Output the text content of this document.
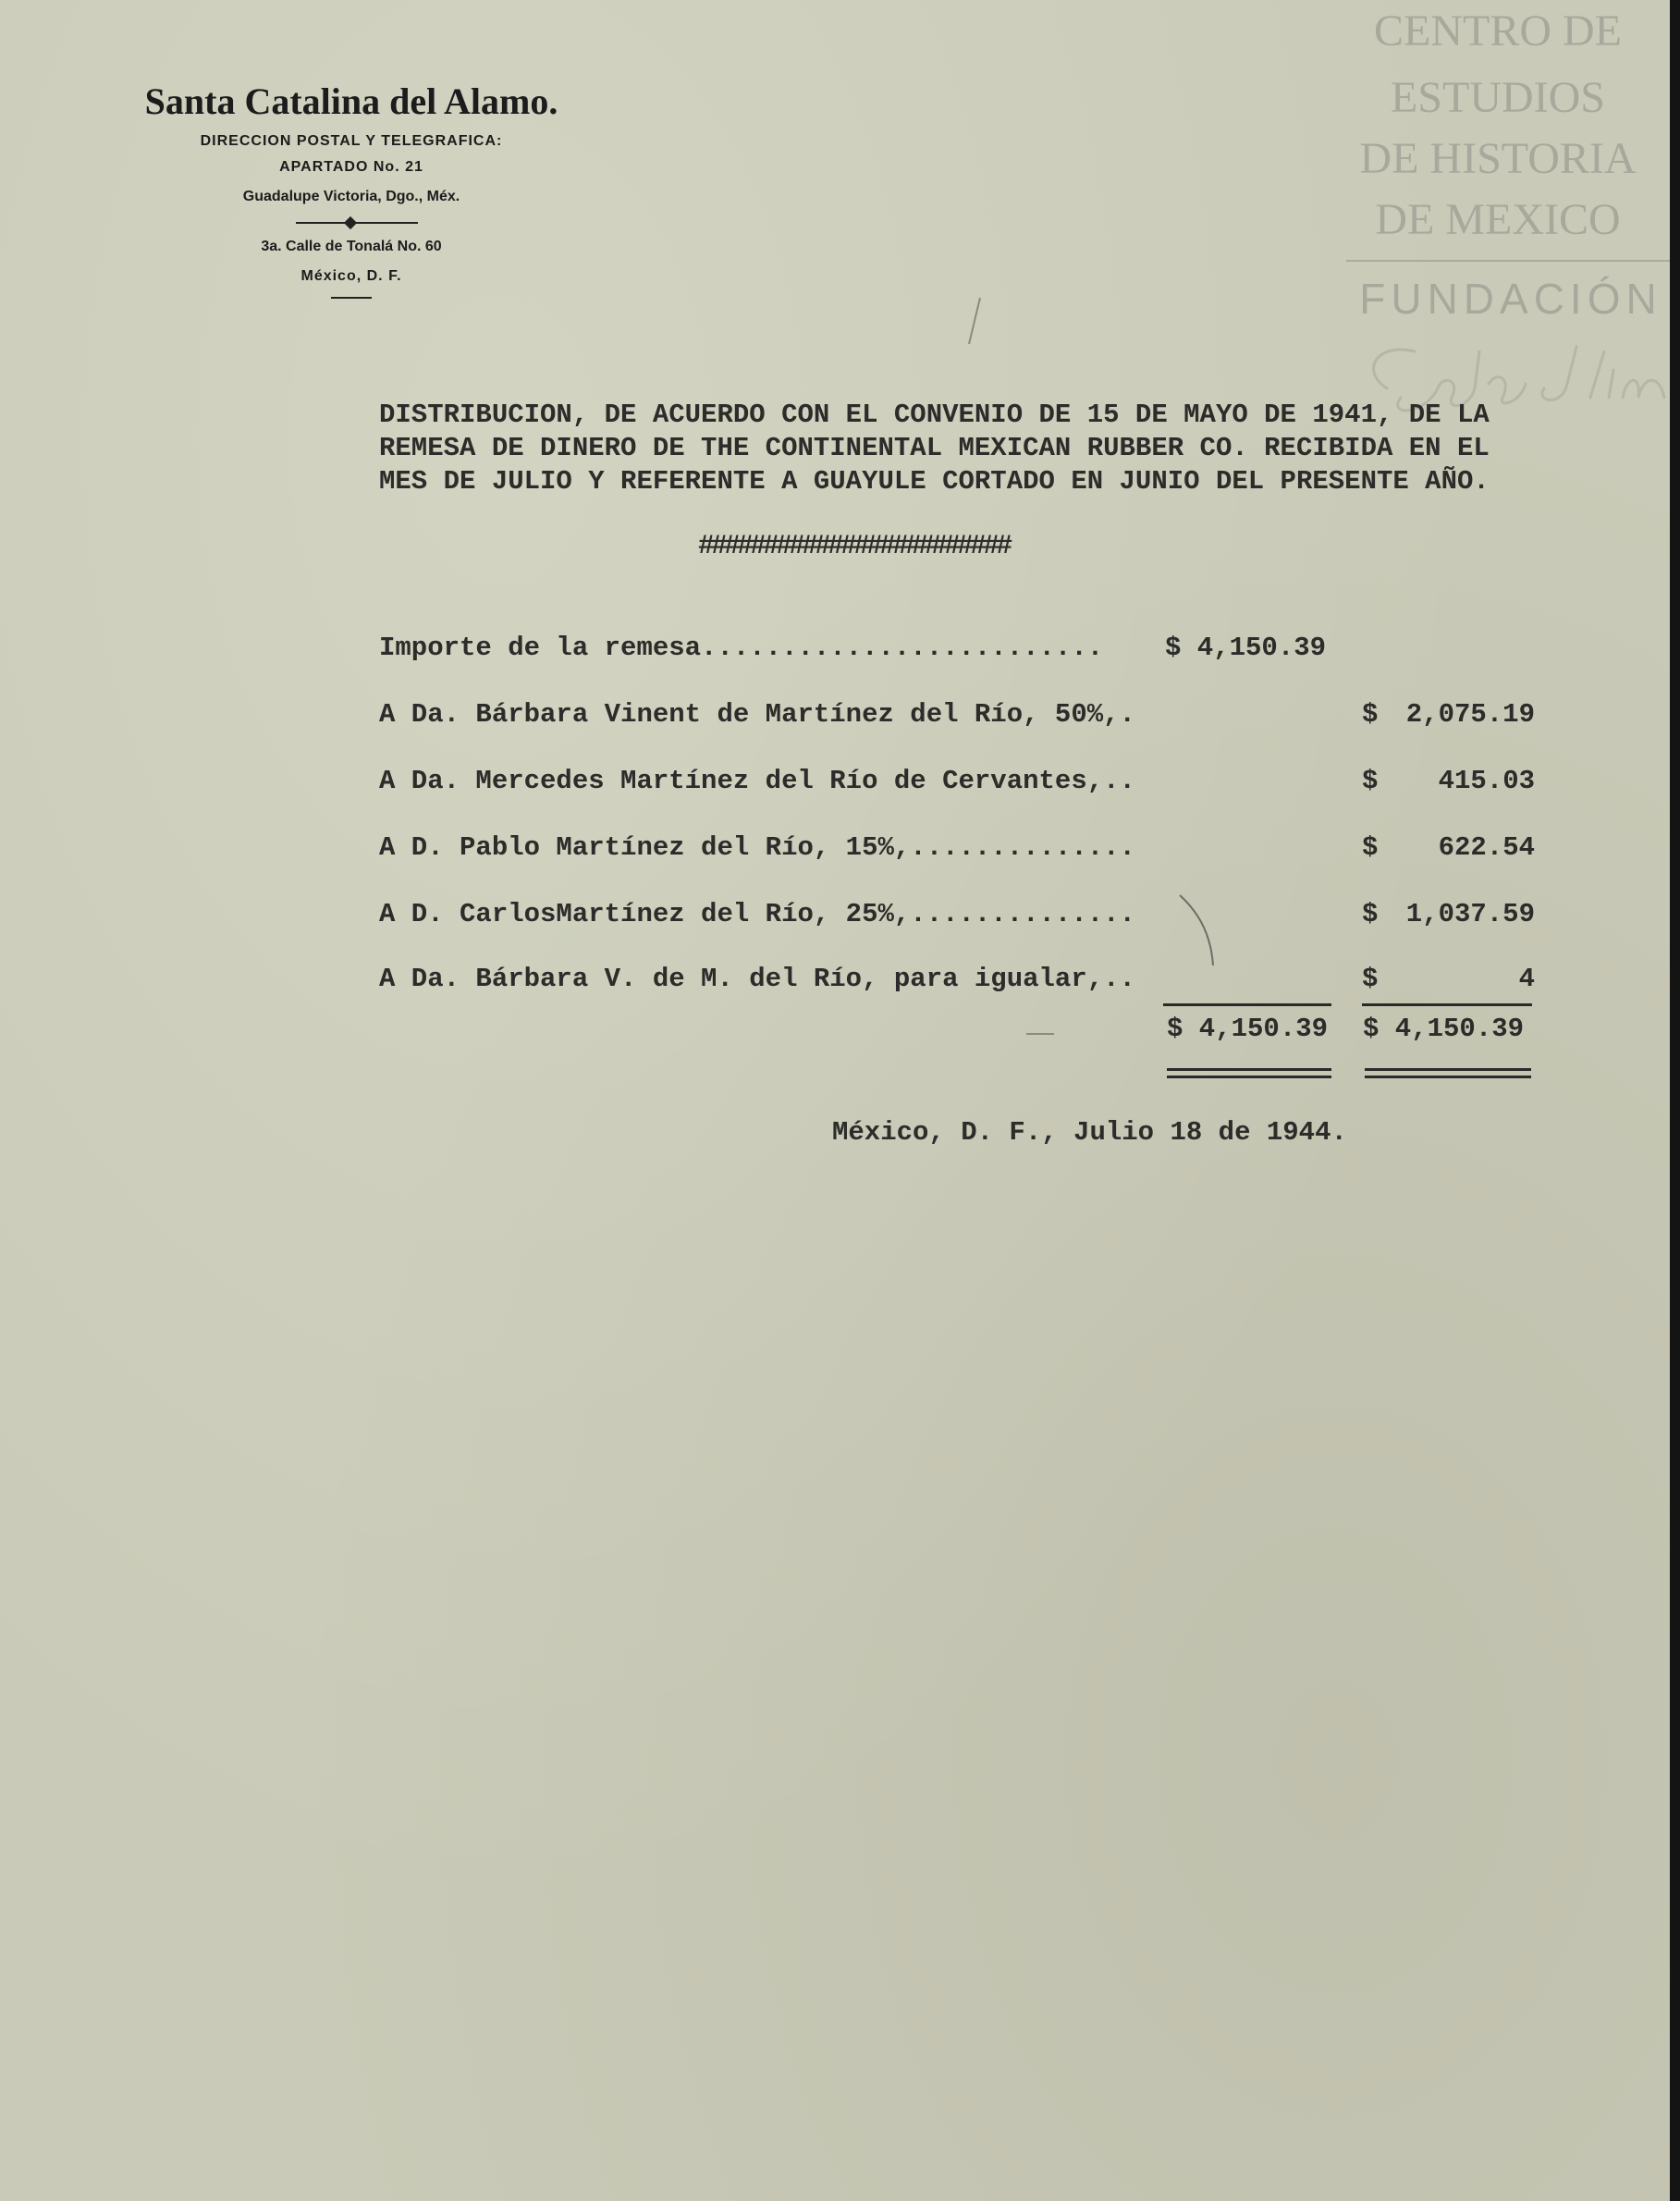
Santa Catalina del Alamo.
DIRECCION POSTAL Y TELEGRAFICA:
APARTADO No. 21
Guadalupe Victoria, Dgo., Méx.
3a. Calle de Tonalá No. 60
México, D. F.
CENTRO DE
ESTUDIOS
DE HISTORIA
DE MEXICO
FUNDACIÓN
DISTRIBUCION, DE ACUERDO CON EL CONVENIO DE 15 DE MAYO DE 1941, DE LA
REMESA DE DINERO DE THE CONTINENTAL MEXICAN RUBBER CO. RECIBIDA EN EL
MES DE JULIO Y REFERENTE A GUAYULE CORTADO EN JUNIO DEL PRESENTE AÑO.
########################
Importe de la remesa......................... $ 4,150.39
A Da. Bárbara Vinent de Martínez del Río, 50%,.	$ 2,075.19
A Da. Mercedes Martínez del Río de Cervantes,..	$ 415.03
A D. Pablo Martínez del Río, 15%,..............	$ 622.54
A D. CarlosMartínez del Río, 25%,..............	$ 1,037.59
A Da. Bárbara V. de M. del Río, para igualar,..	$	4
$ 4,150.39 $ 4,150.39
México, D. F., Julio 18 de 1944.
